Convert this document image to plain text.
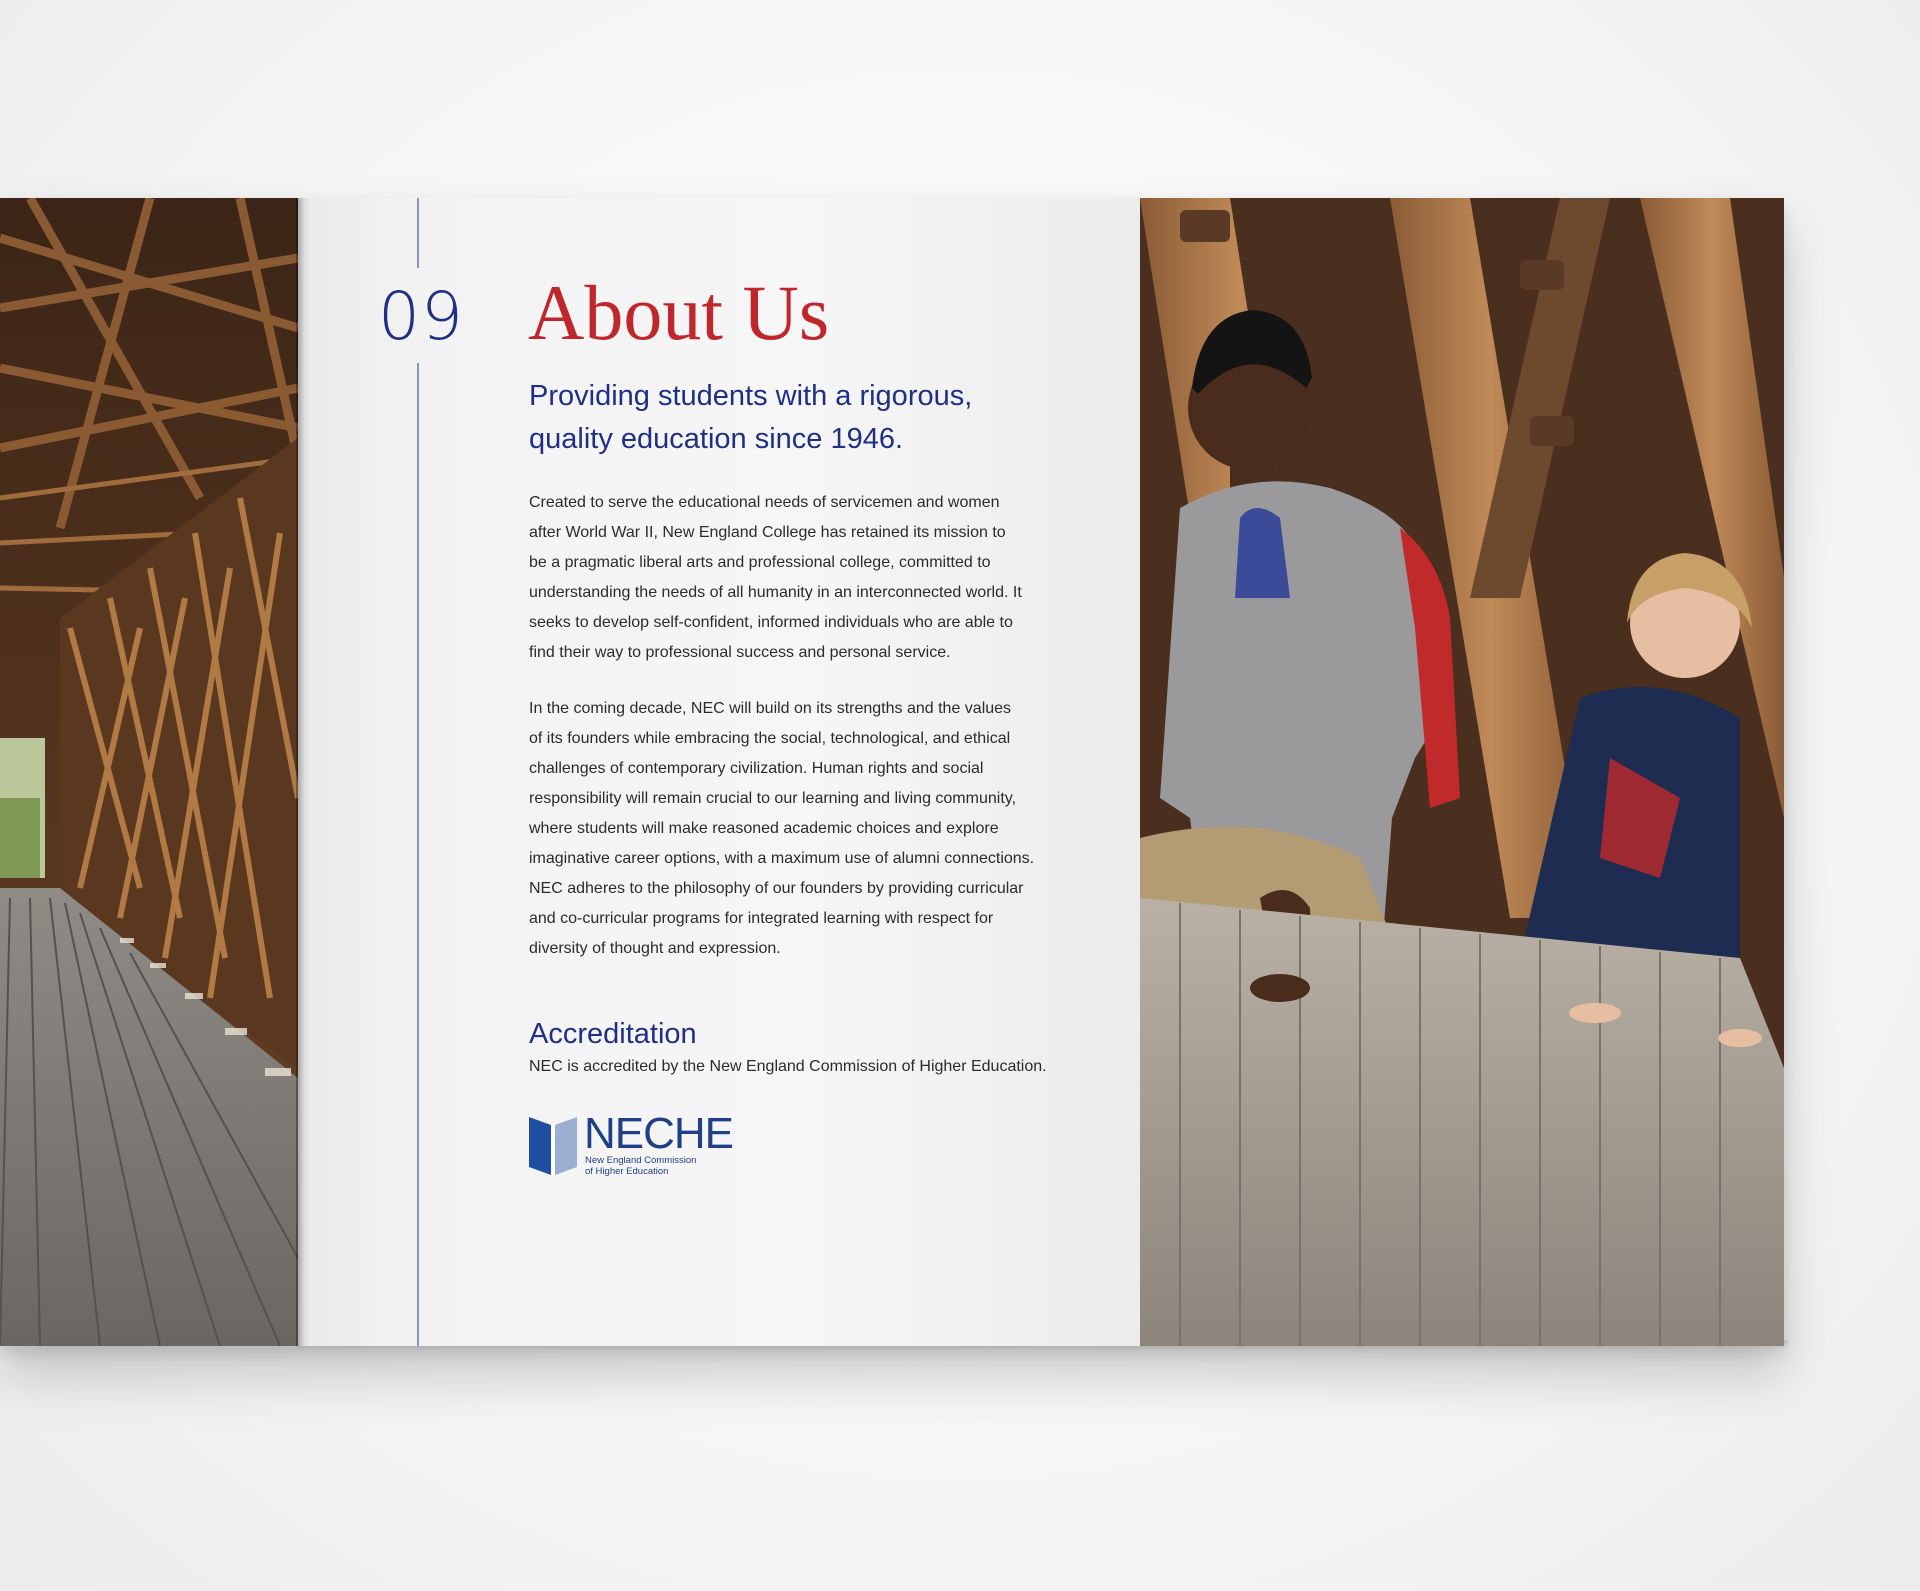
09 About Us

Providing students with a rigorous,
quality education since 1946.

Created to serve the educational needs of servicemen and women
after World War II, New England College has retained its mission to
be a pragmatic liberal arts and professional college, committed to
understanding the needs of all humanity in an interconnected world. It
seeks to develop self-confident, informed individuals who are able to
find their way to professional success and personal service.

In the coming decade, NEC will build on its strengths and the values
of its founders while embracing the social, technological, and ethical
challenges of contemporary civilization. Human rights and social
responsibility will remain crucial to our learning and living community,
where students will make reasoned academic choices and explore
imaginative career options, with a maximum use of alumni connections.
NEC adheres to the philosophy of our founders by providing curricular
and co-curricular programs for integrated learning with respect for
diversity of thought and expression.

Accreditation

NEC is accredited by the New England Commission of Higher Education.

NECHE

New England Commission
of Higher Education
